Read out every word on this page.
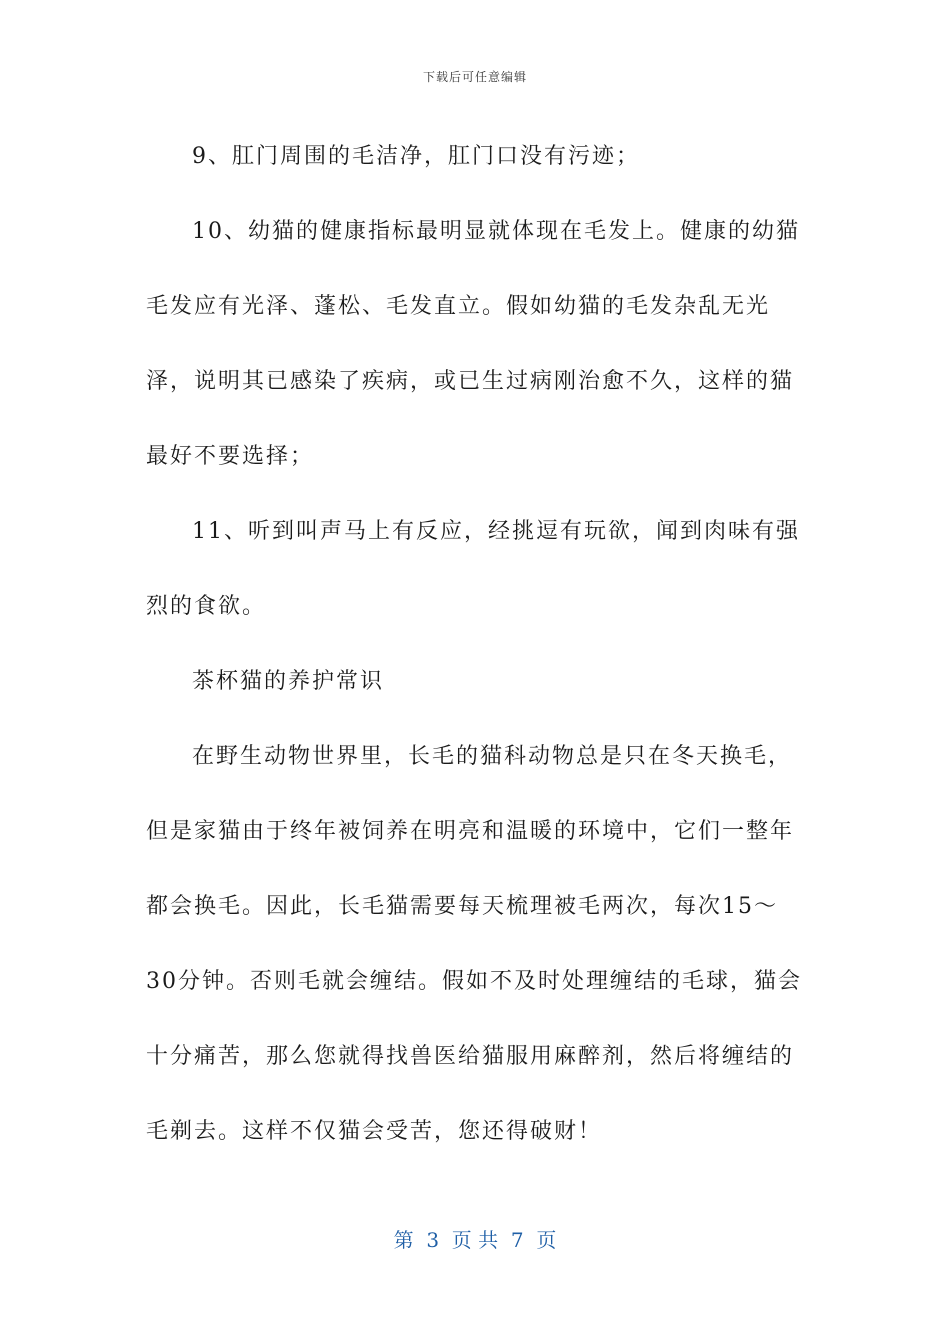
下载后可任意编辑

9、肛门周围的毛洁净，肛门口没有污迹；

10、幼猫的健康指标最明显就体现在毛发上。健康的幼猫毛发应有光泽、蓬松、毛发直立。假如幼猫的毛发杂乱无光泽，说明其已感染了疾病，或已生过病刚治愈不久，这样的猫最好不要选择；

11、听到叫声马上有反应，经挑逗有玩欲，闻到肉味有强烈的食欲。

茶杯猫的养护常识

在野生动物世界里，长毛的猫科动物总是只在冬天换毛，但是家猫由于终年被饲养在明亮和温暖的环境中，它们一整年都会换毛。因此，长毛猫需要每天梳理被毛两次，每次15～30分钟。否则毛就会缠结。假如不及时处理缠结的毛球，猫会十分痛苦，那么您就得找兽医给猫服用麻醉剂，然后将缠结的毛剃去。这样不仅猫会受苦，您还得破财！

第  3  页 共  7  页
